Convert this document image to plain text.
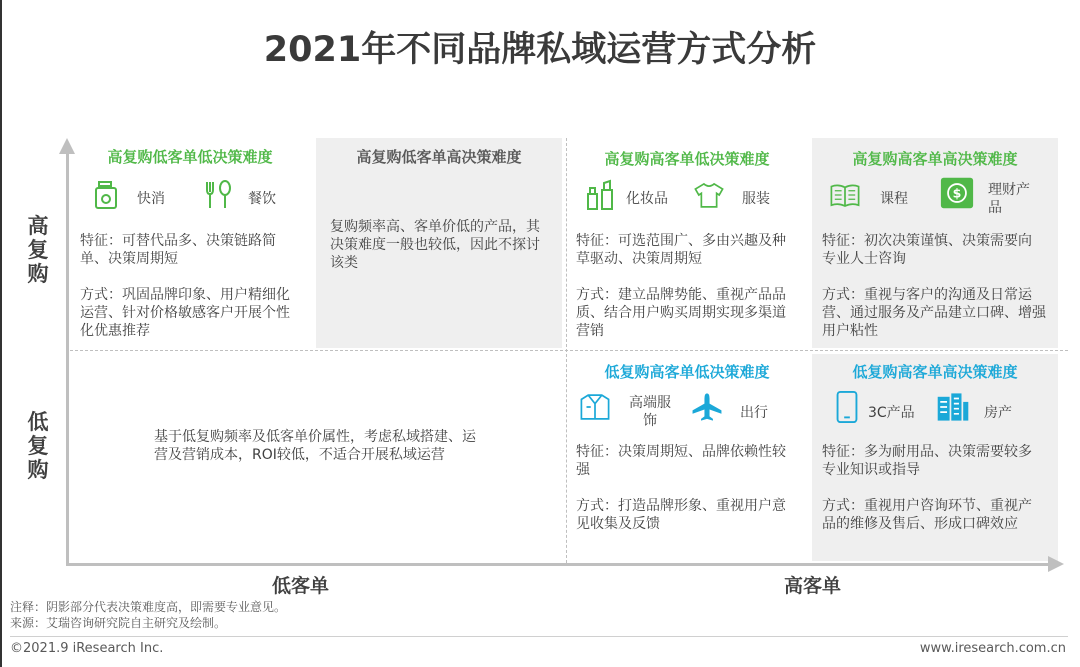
2021年不同品牌私域运营方式分析
高
复
购
低
复
购
低客单	高客单
高复购低客单低决策难度
快消	餐饮
特征：可替代品多、决策链路简单、决策周期短
方式：巩固品牌印象、用户精细化运营、针对价格敏感客户开展个性化优惠推荐
高复购低客单高决策难度
复购频率高、客单价低的产品，其决策难度一般也较低，因此不探讨该类
高复购高客单低决策难度
化妆品	服装
特征：可选范围广、多由兴趣及种草驱动、决策周期短
方式：建立品牌势能、重视产品品质、结合用户购买周期实现多渠道营销
高复购高客单高决策难度
课程	$ 理财产品
特征：初次决策谨慎、决策需要向专业人士咨询
方式：重视与客户的沟通及日常运营、通过服务及产品建立口碑、增强用户粘性
基于低复购频率及低客单价属性，考虑私域搭建、运营及营销成本，ROI较低，不适合开展私域运营
低复购高客单低决策难度
高端服饰	出行
特征：决策周期短、品牌依赖性较强
方式：打造品牌形象、重视用户意见收集及反馈
低复购高客单高决策难度
3C产品	房产
特征：多为耐用品、决策需要较多专业知识或指导
方式：重视用户咨询环节、重视产品的维修及售后、形成口碑效应
注释：阴影部分代表决策难度高，即需要专业意见。
来源：艾瑞咨询研究院自主研究及绘制。
©2021.9 iResearch Inc.	www.iresearch.com.cn
